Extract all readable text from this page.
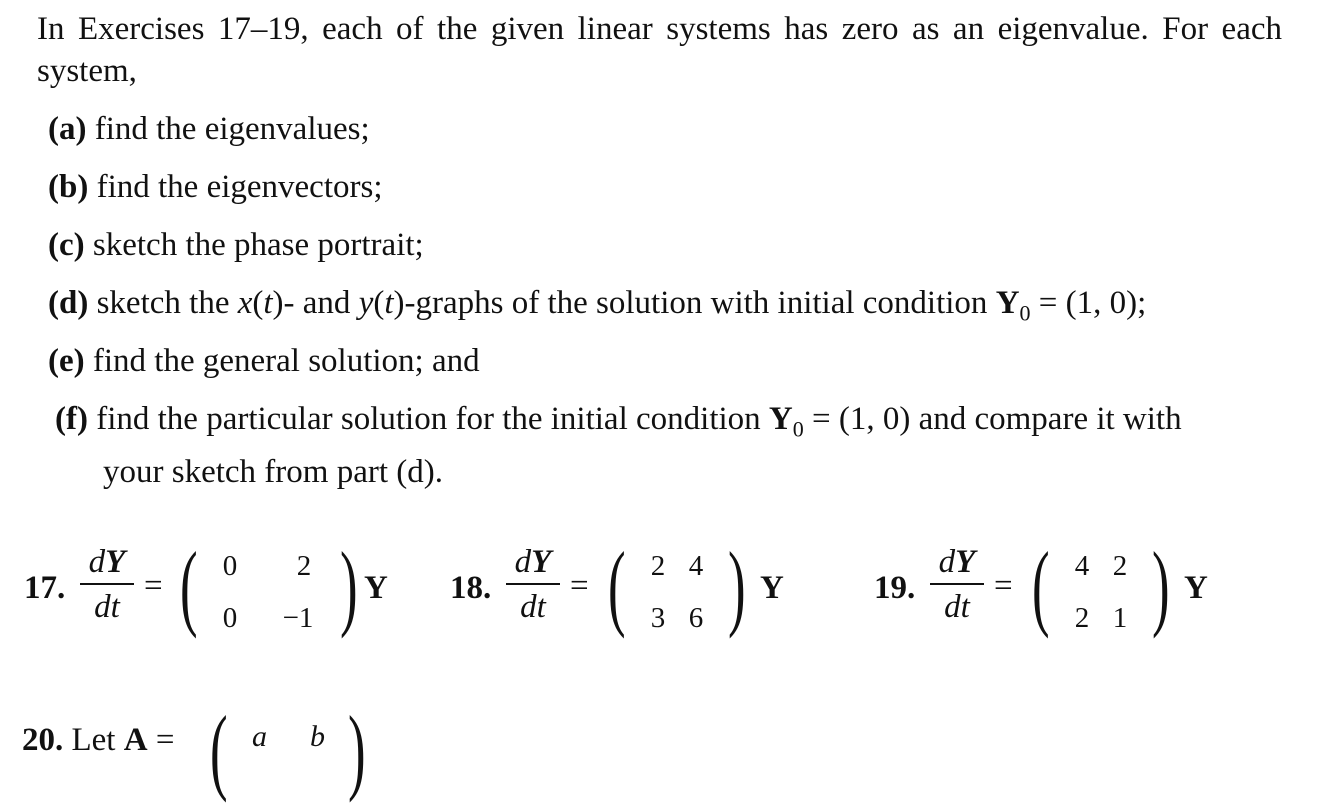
In Exercises 17–19, each of the given linear systems has zero as an eigenvalue. For each system,
(a) find the eigenvalues;
(b) find the eigenvectors;
(c) sketch the phase portrait;
(d) sketch the x(t)- and y(t)-graphs of the solution with initial condition $Y_0 = (1$, 0);
(e) find the general solution; and
(f) find the particular solution for the initial condition $Y_0 = (1$, 0) and compare it with
your sketch from part (d).
17.
dY
dt
= ( 0	2
0	−1 ) Y 18.
dY
dt
= ( 2 4
3 6 ) Y	19.
dY
dt
= ( 4 2
2 1 ) Y
20. Let A = ( a b )
